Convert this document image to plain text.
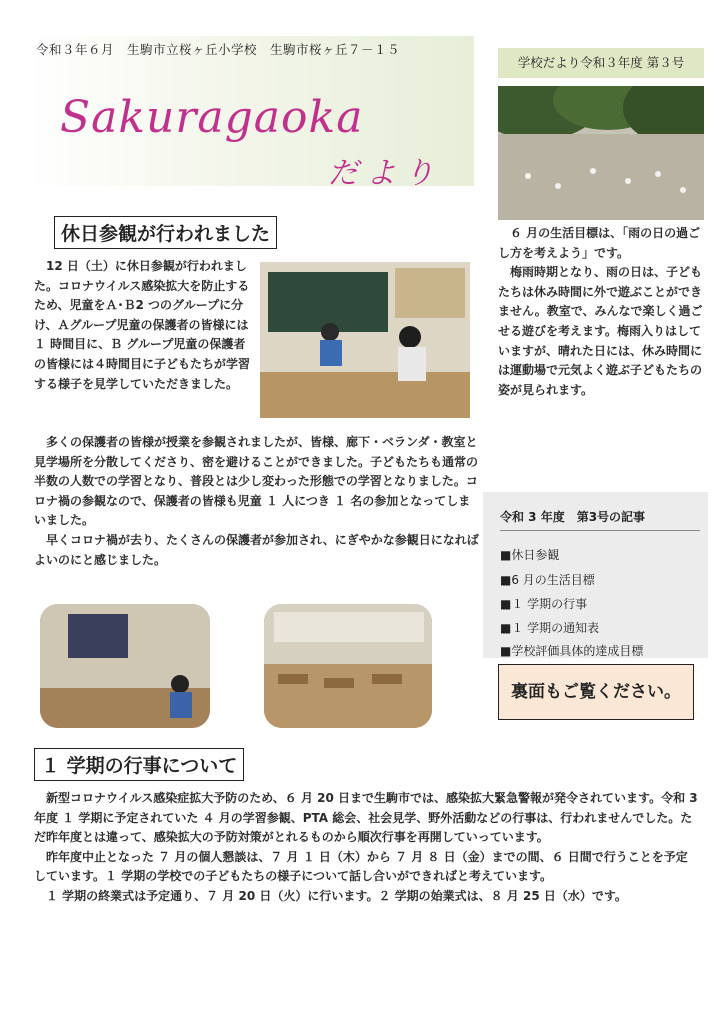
令和３年６月　生駒市立桜ヶ丘小学校　生駒市桜ヶ丘７－１５
Sakuragaoka
だより
学校だより令和３年度 第３号

　６ 月の生活目標は、「雨の日の過ごし方を考えよう」です。
　梅雨時期となり、雨の日は、子どもたちは休み時間に外で遊ぶことができません。教室で、みんなで楽しく過ごせる遊びを考えます。梅雨入りはしていますが、晴れた日には、休み時間には運動場で元気よく遊ぶ子どもたちの姿が見られます。

休日参観が行われました

　12 日（土）に休日参観が行われました。コロナウイルス感染拡大を防止するため、児童をＡ･Ｂ2 つのグループに分け、Ａグループ児童の保護者の皆様には １ 時間目に、Ｂ グループ児童の保護者の皆様には４時間目に子どもたちが学習する様子を見学していただきました。

　多くの保護者の皆様が授業を参観されましたが、皆様、廊下・ベランダ・教室と見学場所を分散してくださり、密を避けることができました。子どもたちも通常の半数の人数での学習となり、普段とは少し変わった形態での学習となりました。コロナ禍の参観なので、保護者の皆様も児童 １ 人につき １ 名の参加となってしまいました。

　早くコロナ禍が去り、たくさんの保護者が参加され、にぎやかな参観日になればよいのにと感じました。

令和 3 年度　第3号の記事
■休日参観
■6 月の生活目標
■１ 学期の行事
■１ 学期の通知表
■学校評価具体的達成目標
裏面もご覧ください。
１ 学期の行事について

　新型コロナウイルス感染症拡大予防のため、６ 月 20 日まで生駒市では、感染拡大緊急警報が発令されています。令和 3 年度 １ 学期に予定されていた ４ 月の学習参観、PTA 総会、社会見学、野外活動などの行事は、行われませんでした。ただ昨年度とは違って、感染拡大の予防対策がとれるものから順次行事を再開していっています。

　昨年度中止となった ７ 月の個人懇談は、７ 月 １ 日（木）から ７ 月 ８ 日（金）までの間、６ 日間で行うことを予定しています。１ 学期の学校での子どもたちの様子について話し合いができればと考えています。

　１ 学期の終業式は予定通り、７ 月 20 日（火）に行います。２ 学期の始業式は、８ 月 25 日（水）です。
